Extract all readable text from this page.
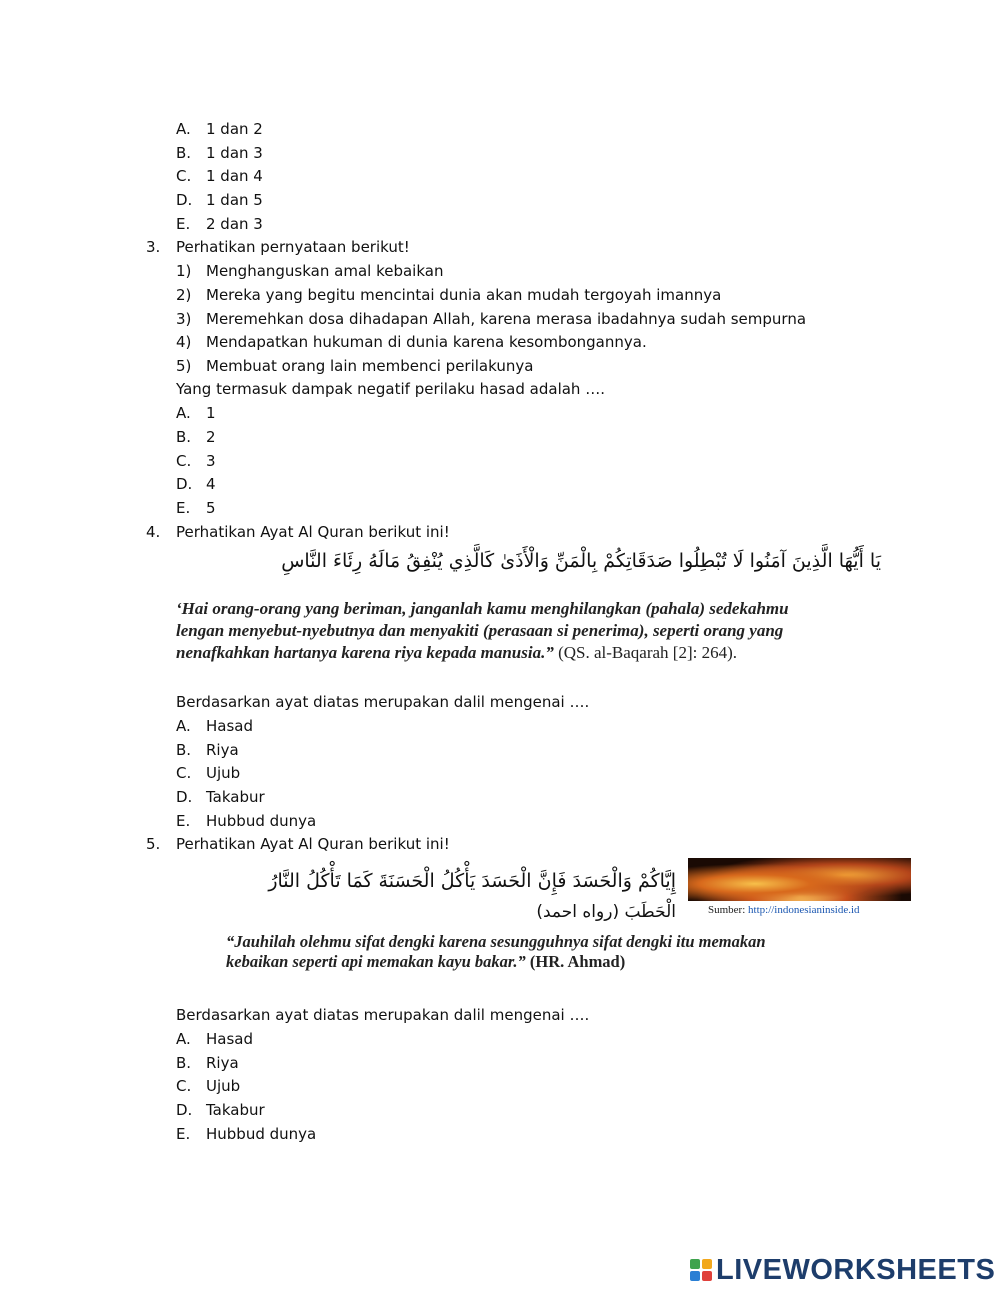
A. 1 dan 2
B. 1 dan 3
C. 1 dan 4
D. 1 dan 5
E. 2 dan 3
3. Perhatikan pernyataan berikut!
1) Menghanguskan amal kebaikan
2) Mereka yang begitu mencintai dunia akan mudah tergoyah imannya
3) Meremehkan dosa dihadapan Allah, karena merasa ibadahnya sudah sempurna
4) Mendapatkan hukuman di dunia karena kesombongannya.
5) Membuat orang lain membenci perilakunya
Yang termasuk dampak negatif perilaku hasad adalah ….
A. 1
B. 2
C. 3
D. 4
E. 5
4. Perhatikan Ayat Al Quran berikut ini!
يَا أَيُّهَا الَّذِينَ آمَنُوا لَا تُبْطِلُوا صَدَقَاتِكُمْ بِالْمَنِّ وَالْأَذَىٰ كَالَّذِي يُنْفِقُ مَالَهُ رِئَاءَ النَّاسِ
‘Hai orang-orang yang beriman, janganlah kamu menghilangkan (pahala) sedekahmu
lengan menyebut-nyebutnya dan menyakiti (perasaan si penerima), seperti orang yang
nenafkahkan hartanya karena riya kepada manusia.” (QS. al-Baqarah [2]: 264).
Berdasarkan ayat diatas merupakan dalil mengenai ….
A. Hasad
B. Riya
C. Ujub
D. Takabur
E. Hubbud dunya
5. Perhatikan Ayat Al Quran berikut ini!
إِيَّاكُمْ وَالْحَسَدَ فَإِنَّ الْحَسَدَ يَأْكُلُ الْحَسَنَةَ كَمَا تَأْكُلُ النَّارُ
الْحَطَبَ (رواه احمد)	Sumber: http://indonesianinside.id
“Jauhilah olehmu sifat dengki karena sesungguhnya sifat dengki itu memakan
kebaikan seperti api memakan kayu bakar.” (HR. Ahmad)
Berdasarkan ayat diatas merupakan dalil mengenai ….
A. Hasad
B. Riya
C. Ujub
D. Takabur
E. Hubbud dunya
LIVEWORKSHEETS
